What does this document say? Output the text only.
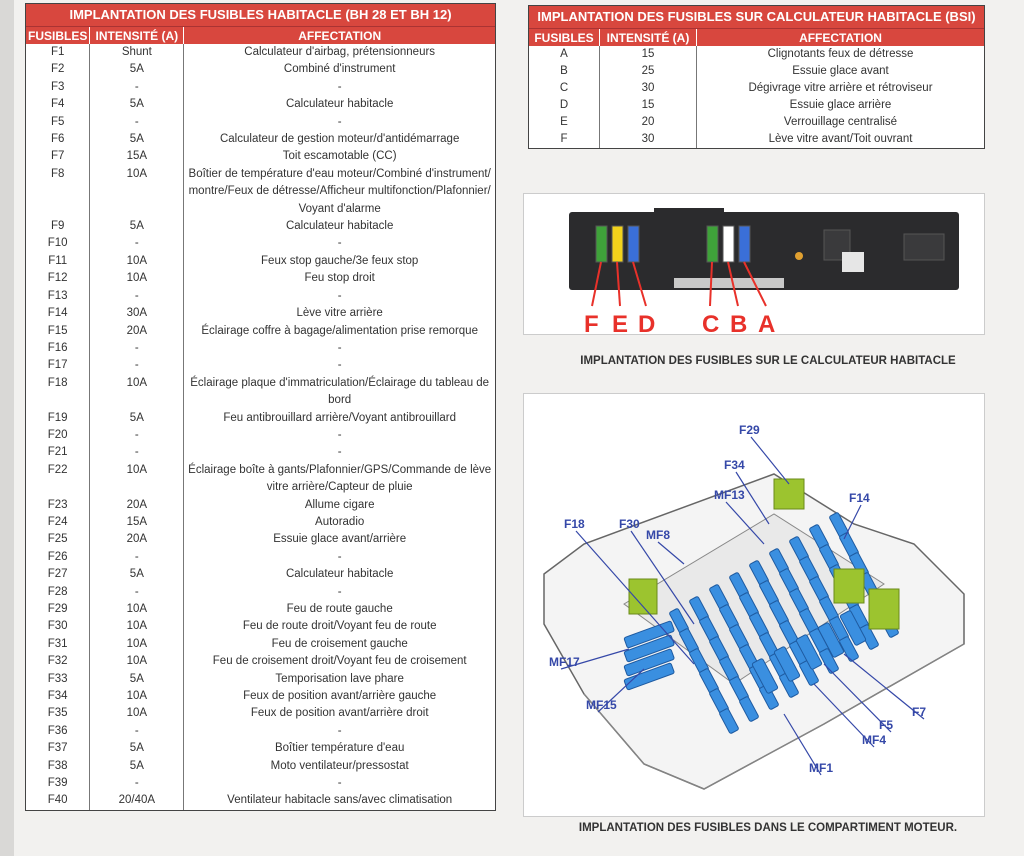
IMPLANTATION DES FUSIBLES HABITACLE (BH 28 ET BH 12)
FUSIBLES	INTENSITÉ (A)	AFFECTATION
F1	Shunt	Calculateur d'airbag, prétensionneurs
F2	5A	Combiné d'instrument
F3	-	-
F4	5A	Calculateur habitacle
F5	-	-
F6	5A	Calculateur de gestion moteur/d'antidémarrage
F7	15A	Toit escamotable (CC)
F8	10A	Boîtier de température d'eau moteur/Combiné d'instrument/ montre/Feux de détresse/Afficheur multifonction/Plafonnier/ Voyant d'alarme
F9	5A	Calculateur habitacle
F10	-	-
F11	10A	Feux stop gauche/3e feux stop
F12	10A	Feu stop droit
F13	-	-
F14	30A	Lève vitre arrière
F15	20A	Éclairage coffre à bagage/alimentation prise remorque
F16	-	-
F17	-	-
F18	10A	Éclairage plaque d'immatriculation/Éclairage du tableau de bord
F19	5A	Feu antibrouillard arrière/Voyant antibrouillard
F20	-	-
F21	-	-
F22	10A	Éclairage boîte à gants/Plafonnier/GPS/Commande de lève vitre arrière/Capteur de pluie
F23	20A	Allume cigare
F24	15A	Autoradio
F25	20A	Essuie glace avant/arrière
F26	-	-
F27	5A	Calculateur habitacle
F28	-	-
F29	10A	Feu de route gauche
F30	10A	Feu de route droit/Voyant feu de route
F31	10A	Feu de croisement gauche
F32	10A	Feu de croisement droit/Voyant feu de croisement
F33	5A	Temporisation lave phare
F34	10A	Feux de position avant/arrière gauche
F35	10A	Feux de position avant/arrière droit
F36	-	-
F37	5A	Boîtier température d'eau
F38	5A	Moto ventilateur/pressostat
F39	-	-
F40	20/40A	Ventilateur habitacle sans/avec climatisation
IMPLANTATION DES FUSIBLES SUR CALCULATEUR HABITACLE (BSI)
FUSIBLES	INTENSITÉ (A)	AFFECTATION
A	15	Clignotants feux de détresse
B	25	Essuie glace avant
C	30	Dégivrage vitre arrière et rétroviseur
D	15	Essuie glace arrière
E	20	Verrouillage centralisé
F	30	Lève vitre avant/Toit ouvrant
F E D C B A
IMPLANTATION DES FUSIBLES SUR LE CALCULATEUR HABITACLE
F29
F34
MF13	F14
F18	F30
MF8
MF17
MF15
F5
F7
MF4
MF1
IMPLANTATION DES FUSIBLES DANS LE COMPARTIMENT MOTEUR.
